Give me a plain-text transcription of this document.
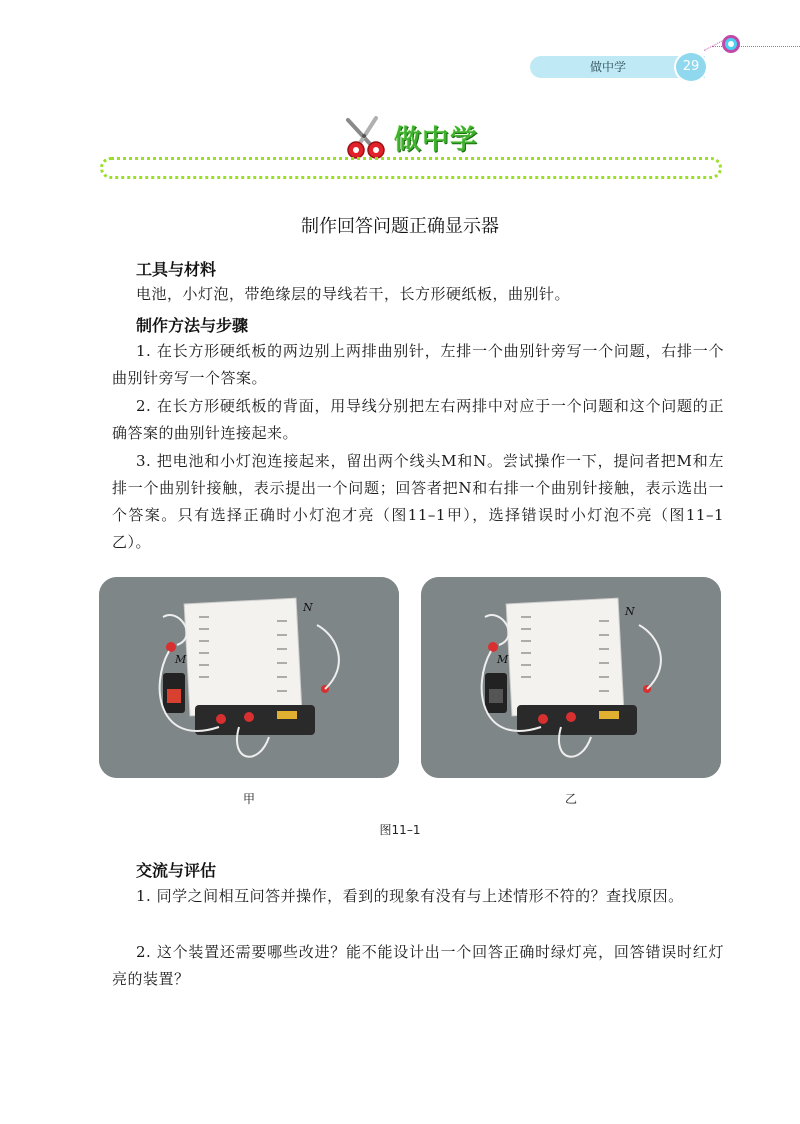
做中学	29
做中学
制作回答问题正确显示器
工具与材料
电池，小灯泡，带绝缘层的导线若干，长方形硬纸板，曲别针。
制作方法与步骤
1. 在长方形硬纸板的两边别上两排曲别针，左排一个曲别针旁写一个问题，右排一个曲别针旁写一个答案。
2. 在长方形硬纸板的背面，用导线分别把左右两排中对应于一个问题和这个问题的正确答案的曲别针连接起来。
3. 把电池和小灯泡连接起来，留出两个线头M和N。尝试操作一下，提问者把M和左排一个曲别针接触，表示提出一个问题；回答者把N和右排一个曲别针接触，表示选出一个答案。只有选择正确时小灯泡才亮（图11–1甲），选择错误时小灯泡不亮（图11–1乙）。
N
M
N
M
甲	乙
图11–1
交流与评估
1. 同学之间相互问答并操作，看到的现象有没有与上述情形不符的？查找原因。
2. 这个装置还需要哪些改进？能不能设计出一个回答正确时绿灯亮，回答错误时红灯亮的装置？
